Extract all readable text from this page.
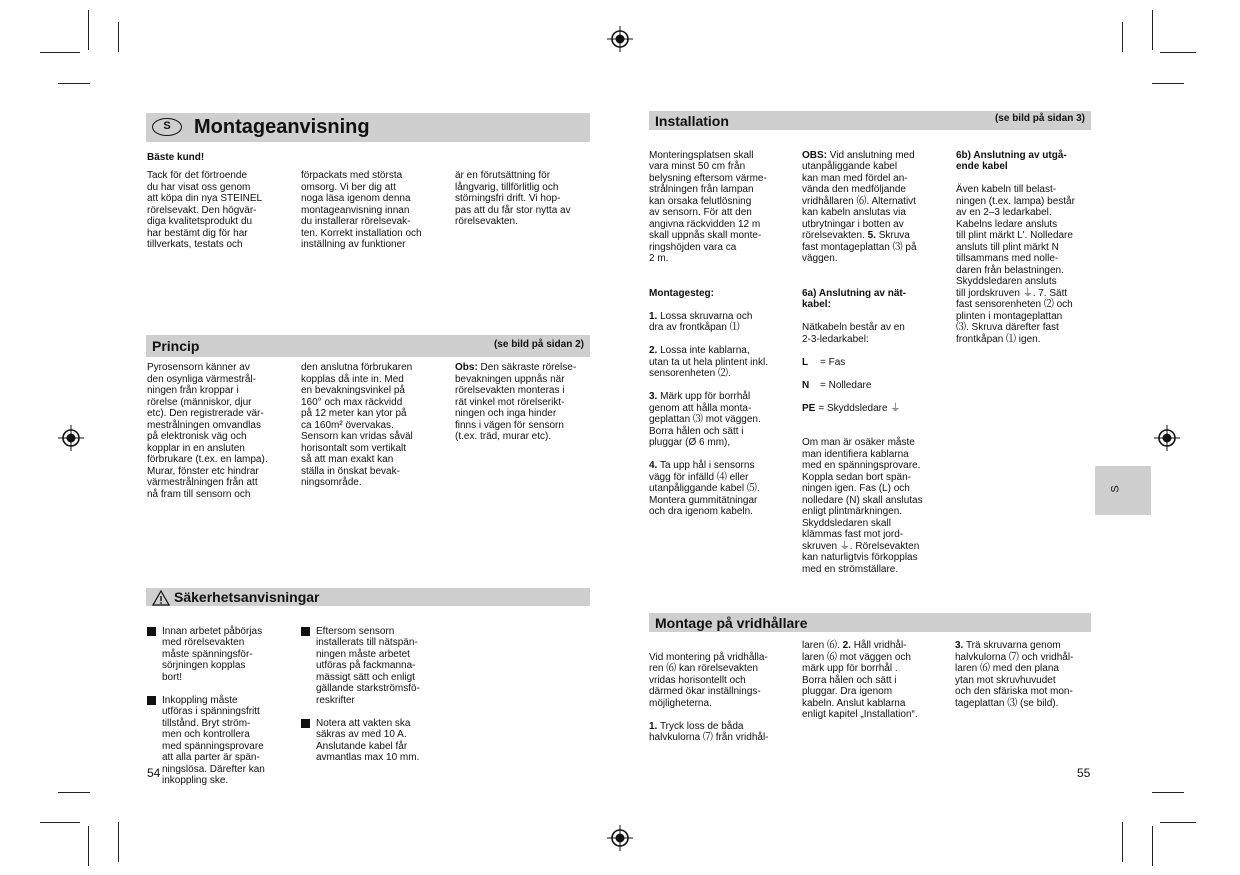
S	Montageanvisning
Bäste kund!
Tack för det förtroende
du har visat oss genom
att köpa din nya STEINEL
rörelsevakt. Den högvär-
diga kvalitetsprodukt du
har bestämt dig för har
tillverkats, testats och
förpackats med största
omsorg. Vi ber dig att
noga läsa igenom denna
montageanvisning innan
du installerar rörelsevak-
ten. Korrekt installation och
inställning av funktioner
är en förutsättning för
långvarig, tillförlitlig och
störningsfri drift. Vi hop-
pas att du får stor nytta av
rörelsevakten.
Princip	(se bild på sidan 2)
Pyrosensorn känner av
den osynliga värmestrål-
ningen från kroppar i
rörelse (människor, djur
etc). Den registrerade vär-
mestrålningen omvandlas
på elektronisk väg och
kopplar in en ansluten
förbrukare (t.ex. en lampa).
Murar, fönster etc hindrar
värmestrålningen från att
nå fram till sensorn och
den anslutna förbrukaren
kopplas då inte in. Med
en bevakningsvinkel på
160° och max räckvidd
på 12 meter kan ytor på
ca 160m² övervakas.
Sensorn kan vridas såväl
horisontalt som vertikalt
så att man exakt kan
ställa in önskat bevak-
ningsområde.
Obs: Den säkraste rörelse-
bevakningen uppnås när
rörelsevakten monteras i
rät vinkel mot rörelserikt-
ningen och inga hinder
finns i vägen för sensorn
(t.ex. träd, murar etc).
Säkerhetsanvisningar

Innan arbetet påbörjas
med rörelsevakten
måste spänningsför-
sörjningen kopplas
bort!

Inkoppling måste
utföras i spänningsfritt
tillstånd. Bryt ström-
men och kontrollera
med spänningsprovare
att alla parter är spän-
ningslösa. Därefter kan
inkoppling ske.

Eftersom sensorn
installerats till nätspän-
ningen måste arbetet
utföras på fackmanna-
mässigt sätt och enligt
gällande starkströmsfö-
reskrifter

Notera att vakten ska
säkras av med 10 A.
Anslutande kabel får
avmantlas max 10 mm.

54
Installation	(se bild på sidan 3)

Monteringsplatsen skall
vara minst 50 cm från
belysning eftersom värme-
strålningen från lampan
kan orsaka felutlösning
av sensorn. För att den
angivna räckvidden 12 m
skall uppnås skall monte-
ringshöjden vara ca
2 m.

Montagesteg:

1. Lossa skruvarna och
dra av frontkåpan ⑴

2. Lossa inte kablarna,
utan ta ut hela plintent inkl.
sensorenheten ⑵.

3. Märk upp för borrhål
genom att hålla monta-
geplattan ⑶ mot väggen.
Borra hålen och sätt i
pluggar (Ø 6 mm),

4. Ta upp hål i sensorns
vägg för infälld ⑷ eller
utanpåliggande kabel ⑸.
Montera gummitätningar
och dra igenom kabeln.

OBS: Vid anslutning med
utanpåliggande kabel
kan man med fördel an-
vända den medföljande
vridhållaren ⑹. Alternativt
kan kabeln anslutas via
utbrytningar i botten av
rörelsevakten. 5. Skruva
fast montageplattan ⑶ på
väggen.

6a) Anslutning av nät-
kabel:

Nätkabeln består av en
2-3-ledarkabel:

L	= Fas

N	= Nolledare

PE = Skyddsledare ⏚

Om man är osäker måste
man identifiera kablarna
med en spänningsprovare.
Koppla sedan bort spän-
ningen igen. Fas (L) och
nolledare (N) skall anslutas
enligt plintmärkningen.
Skyddsledaren skall
klämmas fast mot jord-
skruven ⏚. Rörelsevakten
kan naturligtvis förkopplas
med en strömställare.

6b) Anslutning av utgå-
ende kabel

Även kabeln till belast-
ningen (t.ex. lampa) består
av en 2–3 ledarkabel.
Kabelns ledare ansluts
till plint märkt L'. Nolledare
ansluts till plint märkt N
tillsammans med nolle-
daren från belastningen.
Skyddsledaren ansluts
till jordskruven ⏚. 7. Sätt
fast sensorenheten ⑵ och
plinten i montageplattan
⑶. Skruva därefter fast
frontkåpan ⑴ igen.

S
Montage på vridhållare

Vid montering på vridhålla-
ren ⑹ kan rörelsevakten
vridas horisontellt och
därmed ökar inställnings-
möjligheterna.

1. Tryck loss de båda
halvkulorna ⑺ från vridhål-

laren ⑹. 2. Håll vridhål-
laren ⑹ mot väggen och
märk upp för borrhål .
Borra hålen och sätt i
pluggar. Dra igenom
kabeln. Anslut kablarna
enligt kapitel „Installation“.
3. Trä skruvarna genom
halvkulorna ⑺ och vridhål-
laren ⑹ med den plana
ytan mot skruvhuvudet
och den sfäriska mot mon-
tageplattan ⑶ (se bild).
55
